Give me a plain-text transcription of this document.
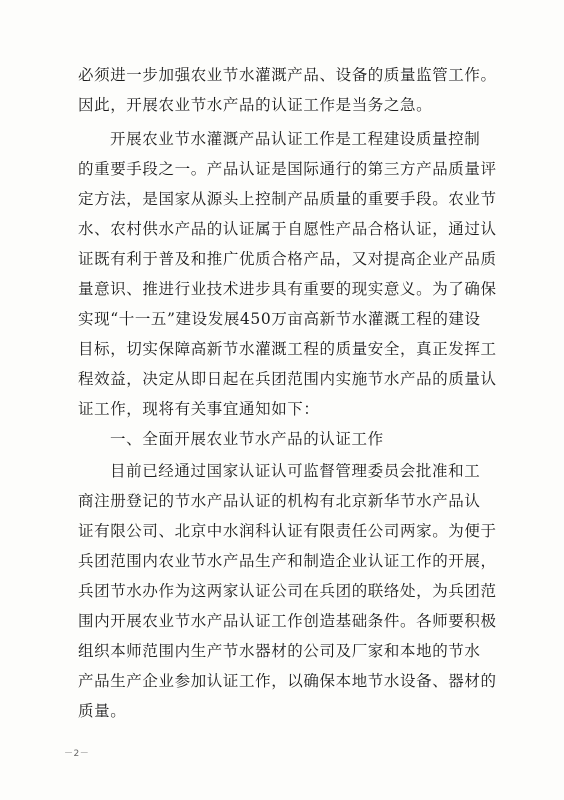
必须进一步加强农业节水灌溉产品、设备的质量监管工作。
因此，开展农业节水产品的认证工作是当务之急。
开展农业节水灌溉产品认证工作是工程建设质量控制
的重要手段之一。产品认证是国际通行的第三方产品质量评
定方法，是国家从源头上控制产品质量的重要手段。农业节
水、农村供水产品的认证属于自愿性产品合格认证，通过认
证既有利于普及和推广优质合格产品，又对提高企业产品质
量意识、推进行业技术进步具有重要的现实意义。为了确保
实现“十一五”建设发展450万亩高新节水灌溉工程的建设
目标，切实保障高新节水灌溉工程的质量安全，真正发挥工
程效益，决定从即日起在兵团范围内实施节水产品的质量认
证工作，现将有关事宜通知如下：
一、全面开展农业节水产品的认证工作
目前已经通过国家认证认可监督管理委员会批准和工
商注册登记的节水产品认证的机构有北京新华节水产品认
证有限公司、北京中水润科认证有限责任公司两家。为便于
兵团范围内农业节水产品生产和制造企业认证工作的开展，
兵团节水办作为这两家认证公司在兵团的联络处，为兵团范
围内开展农业节水产品认证工作创造基础条件。各师要积极
组织本师范围内生产节水器材的公司及厂家和本地的节水
产品生产企业参加认证工作，以确保本地节水设备、器材的
质量。
－2－
